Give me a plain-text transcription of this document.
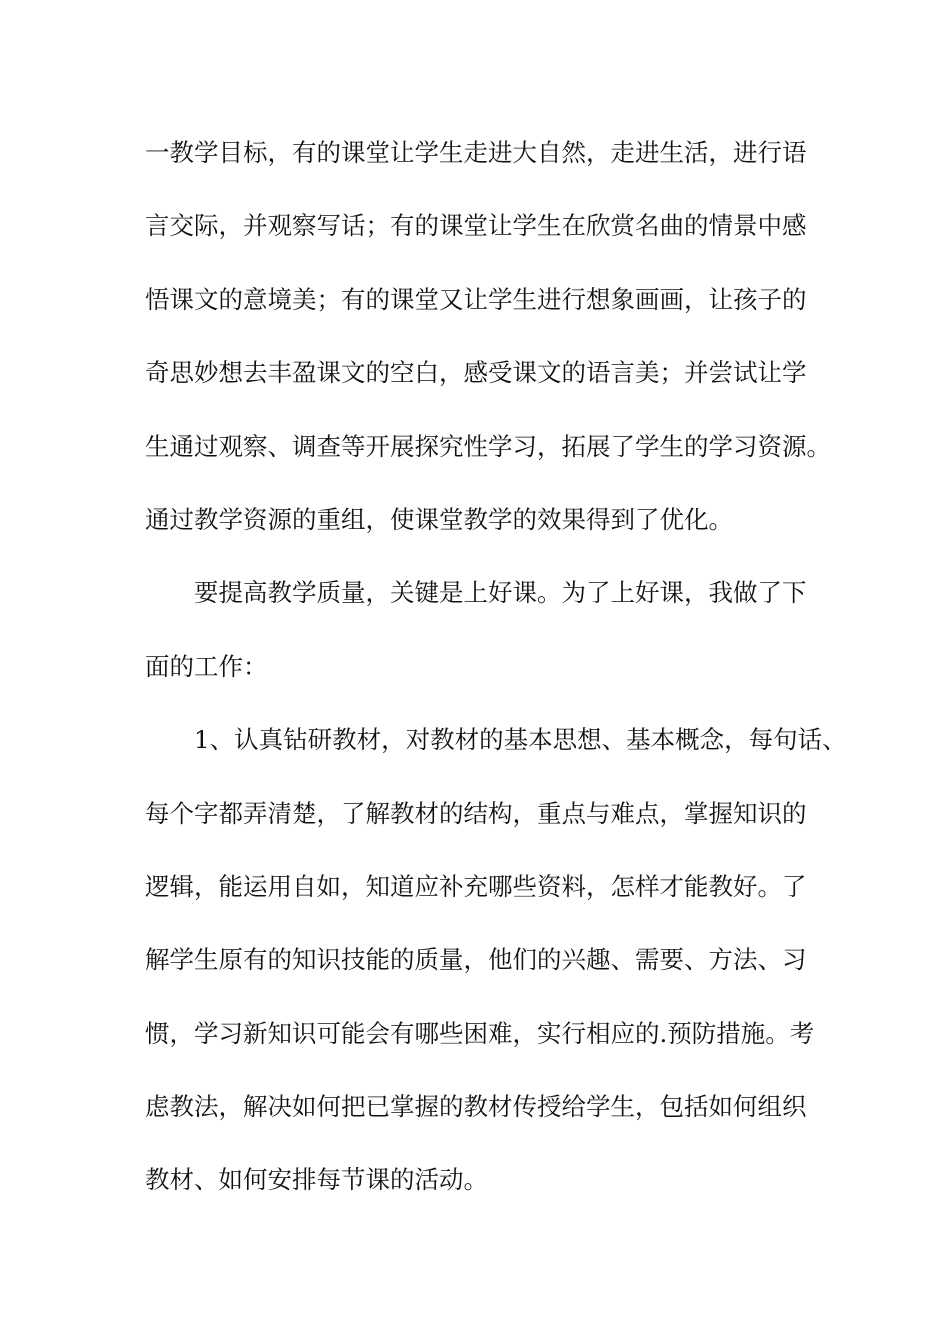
一教学目标，有的课堂让学生走进大自然，走进生活，进行语
言交际，并观察写话；有的课堂让学生在欣赏名曲的情景中感
悟课文的意境美；有的课堂又让学生进行想象画画，让孩子的
奇思妙想去丰盈课文的空白，感受课文的语言美；并尝试让学
生通过观察、调查等开展探究性学习，拓展了学生的学习资源。
通过教学资源的重组，使课堂教学的效果得到了优化。
要提高教学质量，关键是上好课。为了上好课，我做了下
面的工作：
1、认真钻研教材，对教材的基本思想、基本概念，每句话、
每个字都弄清楚，了解教材的结构，重点与难点，掌握知识的
逻辑，能运用自如，知道应补充哪些资料，怎样才能教好。了
解学生原有的知识技能的质量，他们的兴趣、需要、方法、习
惯，学习新知识可能会有哪些困难，实行相应的.预防措施。考
虑教法，解决如何把已掌握的教材传授给学生，包括如何组织
教材、如何安排每节课的活动。
